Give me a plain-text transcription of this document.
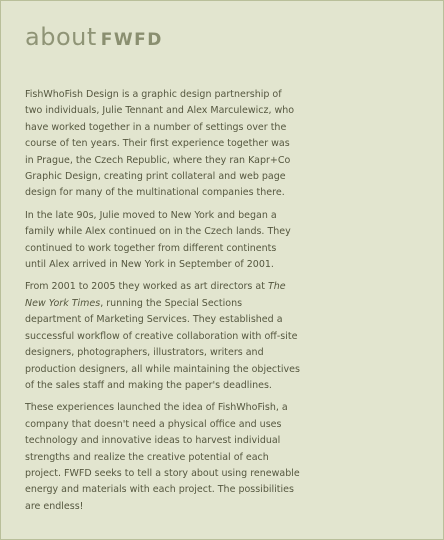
about FWFD

FishWhoFish Design is a graphic design partnership of two individuals, Julie Tennant and Alex Marculewicz, who have worked together in a number of settings over the course of ten years. Their first experience together was in Prague, the Czech Republic, where they ran Kapr+Co Graphic Design, creating print collateral and web page design for many of the multinational companies there.

In the late 90s, Julie moved to New York and began a family while Alex continued on in the Czech lands. They continued to work together from different continents until Alex arrived in New York in September of 2001.

From 2001 to 2005 they worked as art directors at The New York Times, running the Special Sections department of Marketing Services. They established a successful workflow of creative collaboration with off-site designers, photographers, illustrators, writers and production designers, all while maintaining the objectives of the sales staff and making the paper's deadlines.

These experiences launched the idea of FishWhoFish, a company that doesn't need a physical office and uses technology and innovative ideas to harvest individual strengths and realize the creative potential of each project. FWFD seeks to tell a story about using renewable energy and materials with each project. The possibilities are endless!
